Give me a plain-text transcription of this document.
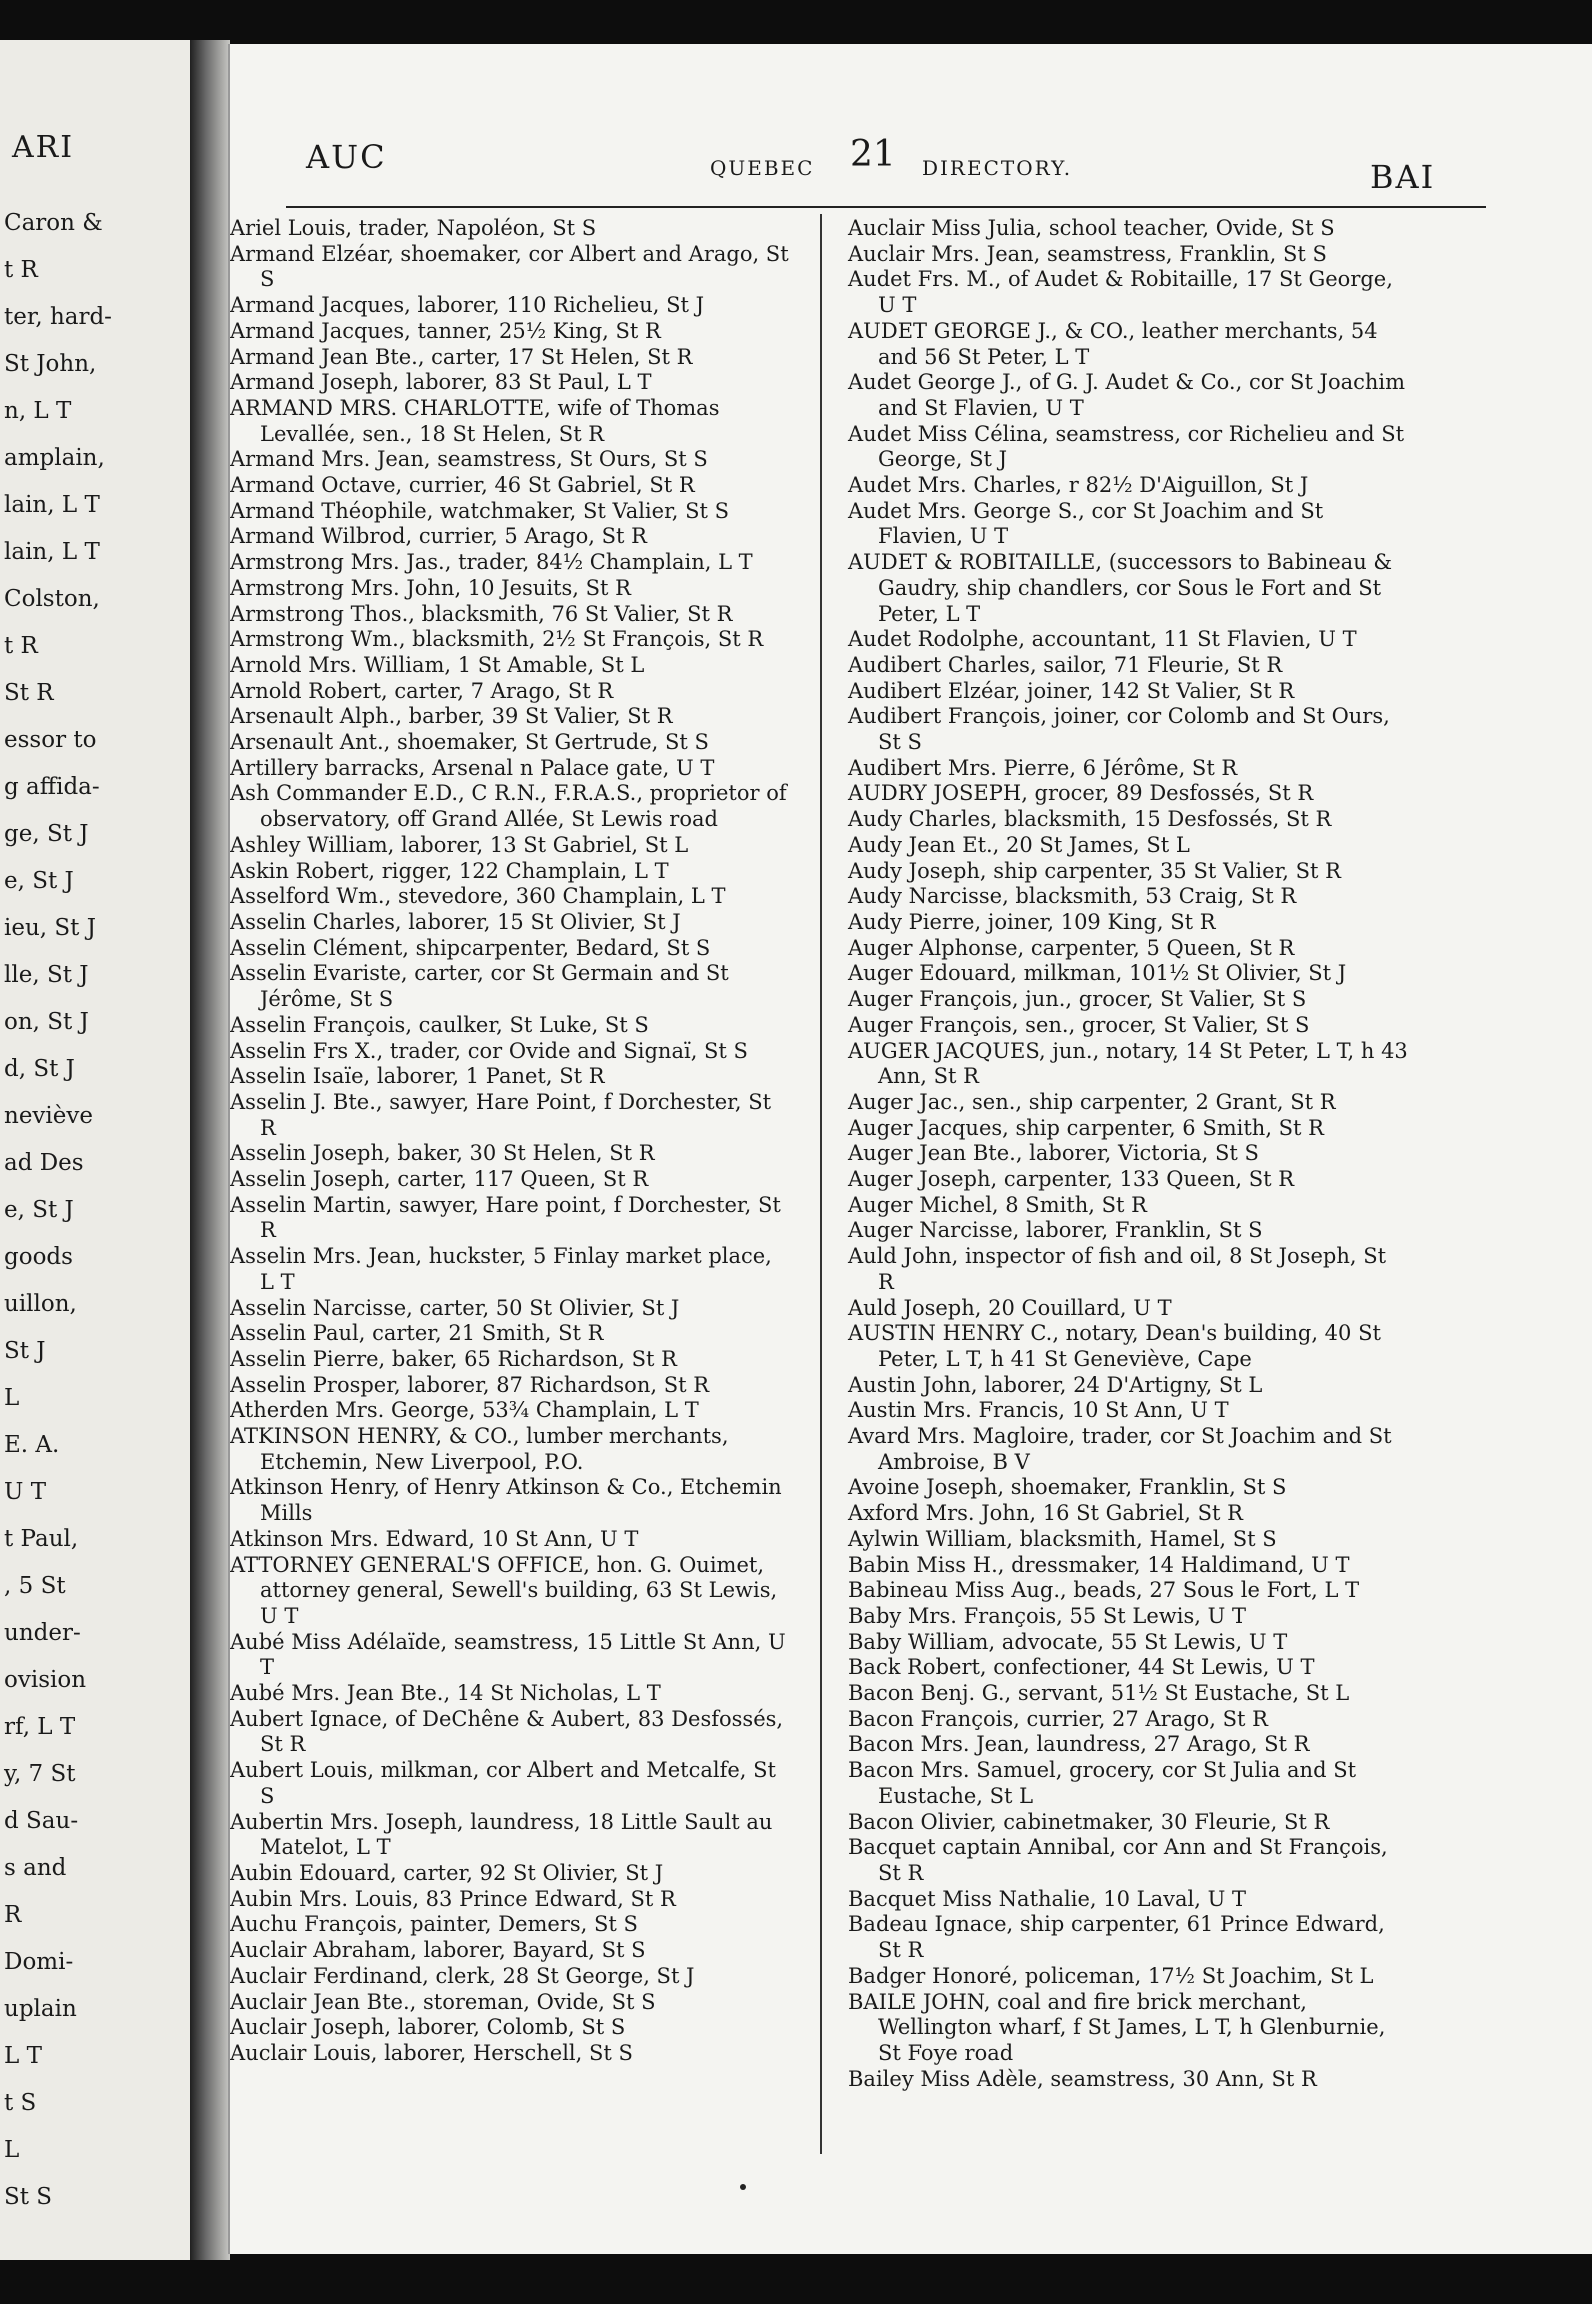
ARI
Caron &
t R
ter, hard-
St John,
n, L T
amplain,
lain, L T
lain, L T
Colston,
t R
St R
essor to
g affida-
ge, St J
e, St J
ieu, St J
lle, St J
on, St J
d, St J
neviève
ad Des
e, St J
goods
uillon,
St J
L
E. A.
U T
t Paul,
, 5 St
under-
ovision
rf, L T
y, 7 St
d Sau-
s and
R
Domi-
uplain
L T
t S
L
St S
AUC	QUEBEC 21 DIRECTORY.	BAI
Ariel Louis, trader, Napoléon, St S
Armand Elzéar, shoemaker, cor Albert and Arago, St S
Armand Jacques, laborer, 110 Richelieu, St J
Armand Jacques, tanner, 25½ King, St R
Armand Jean Bte., carter, 17 St Helen, St R
Armand Joseph, laborer, 83 St Paul, L T
ARMAND MRS. CHARLOTTE, wife of Thomas Levallée, sen., 18 St Helen, St R
Armand Mrs. Jean, seamstress, St Ours, St S
Armand Octave, currier, 46 St Gabriel, St R
Armand Théophile, watchmaker, St Valier, St S
Armand Wilbrod, currier, 5 Arago, St R
Armstrong Mrs. Jas., trader, 84½ Champlain, L T
Armstrong Mrs. John, 10 Jesuits, St R
Armstrong Thos., blacksmith, 76 St Valier, St R
Armstrong Wm., blacksmith, 2½ St François, St R
Arnold Mrs. William, 1 St Amable, St L
Arnold Robert, carter, 7 Arago, St R
Arsenault Alph., barber, 39 St Valier, St R
Arsenault Ant., shoemaker, St Gertrude, St S
Artillery barracks, Arsenal n Palace gate, U T
Ash Commander E.D., C R.N., F.R.A.S., proprietor of observatory, off Grand Allée, St Lewis road
Ashley William, laborer, 13 St Gabriel, St L
Askin Robert, rigger, 122 Champlain, L T
Asselford Wm., stevedore, 360 Champlain, L T
Asselin Charles, laborer, 15 St Olivier, St J
Asselin Clément, shipcarpenter, Bedard, St S
Asselin Evariste, carter, cor St Germain and St Jérôme, St S
Asselin François, caulker, St Luke, St S
Asselin Frs X., trader, cor Ovide and Signaï, St S
Asselin Isaïe, laborer, 1 Panet, St R
Asselin J. Bte., sawyer, Hare Point, f Dorchester, St R
Asselin Joseph, baker, 30 St Helen, St R
Asselin Joseph, carter, 117 Queen, St R
Asselin Martin, sawyer, Hare point, f Dorchester, St R
Asselin Mrs. Jean, huckster, 5 Finlay market place, L T
Asselin Narcisse, carter, 50 St Olivier, St J
Asselin Paul, carter, 21 Smith, St R
Asselin Pierre, baker, 65 Richardson, St R
Asselin Prosper, laborer, 87 Richardson, St R
Atherden Mrs. George, 53¾ Champlain, L T
ATKINSON HENRY, & CO., lumber merchants, Etchemin, New Liverpool, P.O.
Atkinson Henry, of Henry Atkinson & Co., Etchemin Mills
Atkinson Mrs. Edward, 10 St Ann, U T
ATTORNEY GENERAL'S OFFICE, hon. G. Ouimet, attorney general, Sewell's building, 63 St Lewis, U T
Aubé Miss Adélaïde, seamstress, 15 Little St Ann, U T
Aubé Mrs. Jean Bte., 14 St Nicholas, L T
Aubert Ignace, of DeChêne & Aubert, 83 Desfossés, St R
Aubert Louis, milkman, cor Albert and Metcalfe, St S
Aubertin Mrs. Joseph, laundress, 18 Little Sault au Matelot, L T
Aubin Edouard, carter, 92 St Olivier, St J
Aubin Mrs. Louis, 83 Prince Edward, St R
Auchu François, painter, Demers, St S
Auclair Abraham, laborer, Bayard, St S
Auclair Ferdinand, clerk, 28 St George, St J
Auclair Jean Bte., storeman, Ovide, St S
Auclair Joseph, laborer, Colomb, St S
Auclair Louis, laborer, Herschell, St S
Auclair Miss Julia, school teacher, Ovide, St S
Auclair Mrs. Jean, seamstress, Franklin, St S
Audet Frs. M., of Audet & Robitaille, 17 St George, U T
AUDET GEORGE J., & CO., leather merchants, 54 and 56 St Peter, L T
Audet George J., of G. J. Audet & Co., cor St Joachim and St Flavien, U T
Audet Miss Célina, seamstress, cor Richelieu and St George, St J
Audet Mrs. Charles, r 82½ D'Aiguillon, St J
Audet Mrs. George S., cor St Joachim and St Flavien, U T
AUDET & ROBITAILLE, (successors to Babineau & Gaudry, ship chandlers, cor Sous le Fort and St Peter, L T
Audet Rodolphe, accountant, 11 St Flavien, U T
Audibert Charles, sailor, 71 Fleurie, St R
Audibert Elzéar, joiner, 142 St Valier, St R
Audibert François, joiner, cor Colomb and St Ours, St S
Audibert Mrs. Pierre, 6 Jérôme, St R
AUDRY JOSEPH, grocer, 89 Desfossés, St R
Audy Charles, blacksmith, 15 Desfossés, St R
Audy Jean Et., 20 St James, St L
Audy Joseph, ship carpenter, 35 St Valier, St R
Audy Narcisse, blacksmith, 53 Craig, St R
Audy Pierre, joiner, 109 King, St R
Auger Alphonse, carpenter, 5 Queen, St R
Auger Edouard, milkman, 101½ St Olivier, St J
Auger François, jun., grocer, St Valier, St S
Auger François, sen., grocer, St Valier, St S
AUGER JACQUES, jun., notary, 14 St Peter, L T, h 43 Ann, St R
Auger Jac., sen., ship carpenter, 2 Grant, St R
Auger Jacques, ship carpenter, 6 Smith, St R
Auger Jean Bte., laborer, Victoria, St S
Auger Joseph, carpenter, 133 Queen, St R
Auger Michel, 8 Smith, St R
Auger Narcisse, laborer, Franklin, St S
Auld John, inspector of fish and oil, 8 St Joseph, St R
Auld Joseph, 20 Couillard, U T
AUSTIN HENRY C., notary, Dean's building, 40 St Peter, L T, h 41 St Geneviève, Cape
Austin John, laborer, 24 D'Artigny, St L
Austin Mrs. Francis, 10 St Ann, U T
Avard Mrs. Magloire, trader, cor St Joachim and St Ambroise, B V
Avoine Joseph, shoemaker, Franklin, St S
Axford Mrs. John, 16 St Gabriel, St R
Aylwin William, blacksmith, Hamel, St S
Babin Miss H., dressmaker, 14 Haldimand, U T
Babineau Miss Aug., beads, 27 Sous le Fort, L T
Baby Mrs. François, 55 St Lewis, U T
Baby William, advocate, 55 St Lewis, U T
Back Robert, confectioner, 44 St Lewis, U T
Bacon Benj. G., servant, 51½ St Eustache, St L
Bacon François, currier, 27 Arago, St R
Bacon Mrs. Jean, laundress, 27 Arago, St R
Bacon Mrs. Samuel, grocery, cor St Julia and St Eustache, St L
Bacon Olivier, cabinetmaker, 30 Fleurie, St R
Bacquet captain Annibal, cor Ann and St François, St R
Bacquet Miss Nathalie, 10 Laval, U T
Badeau Ignace, ship carpenter, 61 Prince Edward, St R
Badger Honoré, policeman, 17½ St Joachim, St L
BAILE JOHN, coal and fire brick merchant, Wellington wharf, f St James, L T, h Glenburnie, St Foye road
Bailey Miss Adèle, seamstress, 30 Ann, St R
